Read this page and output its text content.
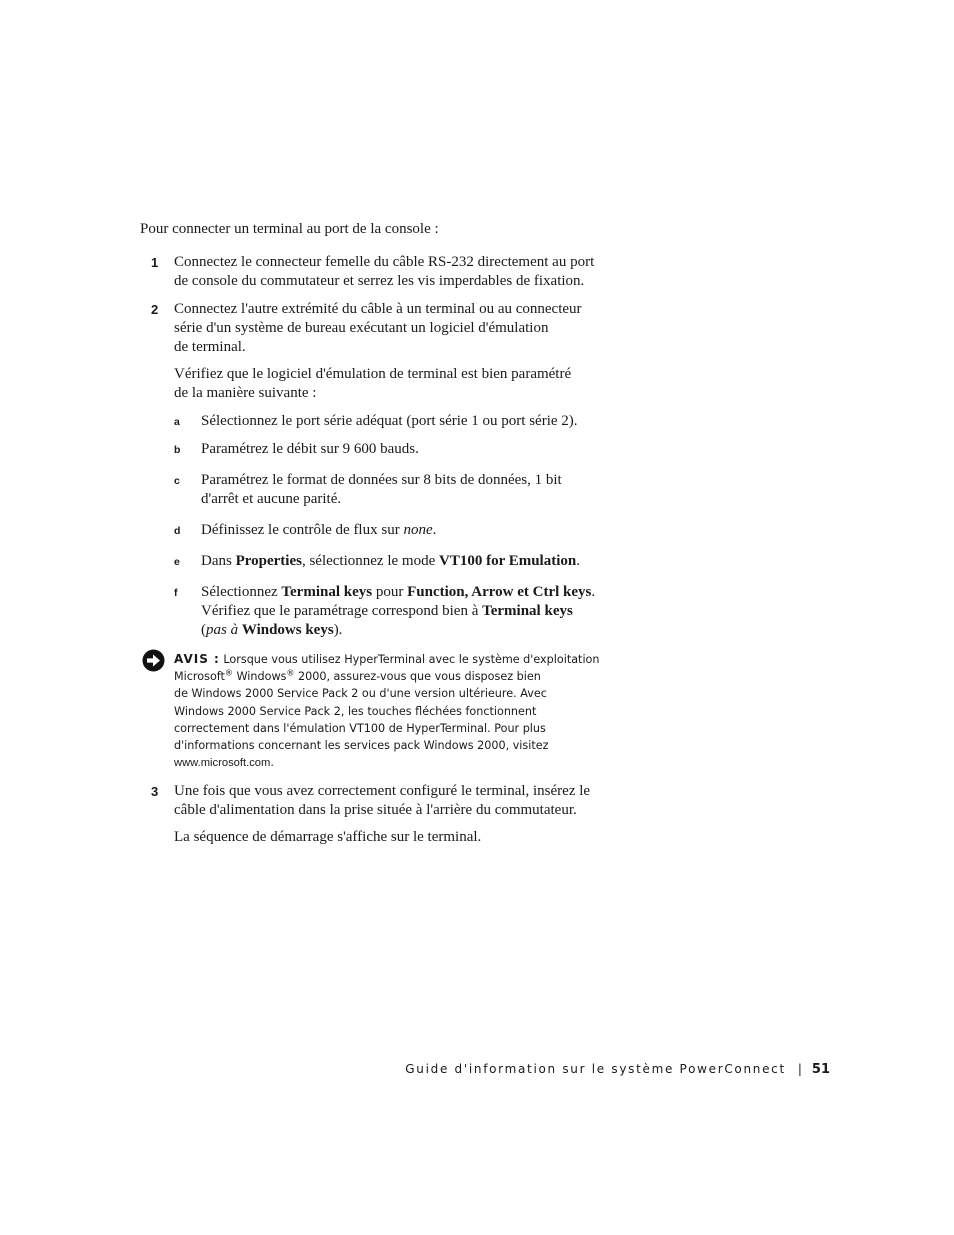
Pour connecter un terminal au port de la console :

1 Connectez le connecteur femelle du câble RS-232 directement au port
de console du commutateur et serrez les vis imperdables de fixation.

2 Connectez l'autre extrémité du câble à un terminal ou au connecteur
série d'un système de bureau exécutant un logiciel d'émulation
de terminal.

Vérifiez que le logiciel d'émulation de terminal est bien paramétré
de la manière suivante :

a Sélectionnez le port série adéquat (port série 1 ou port série 2).

b Paramétrez le débit sur 9 600 bauds.

c Paramétrez le format de données sur 8 bits de données, 1 bit
d'arrêt et aucune parité.

d Définissez le contrôle de flux sur none.

e Dans Properties, sélectionnez le mode VT100 for Emulation.

f Sélectionnez Terminal keys pour Function, Arrow et Ctrl keys.
Vérifiez que le paramétrage correspond bien à Terminal keys
(pas à Windows keys).

AVIS : Lorsque vous utilisez HyperTerminal avec le système d'exploitation
Microsoft® Windows® 2000, assurez-vous que vous disposez bien
de Windows 2000 Service Pack 2 ou d'une version ultérieure. Avec
Windows 2000 Service Pack 2, les touches fléchées fonctionnent
correctement dans l'émulation VT100 de HyperTerminal. Pour plus
d'informations concernant les services pack Windows 2000, visitez
www.microsoft.com.
3 Une fois que vous avez correctement configuré le terminal, insérez le
câble d'alimentation dans la prise située à l'arrière du commutateur.

La séquence de démarrage s'affiche sur le terminal.

Guide d'information sur le système PowerConnect | 51
